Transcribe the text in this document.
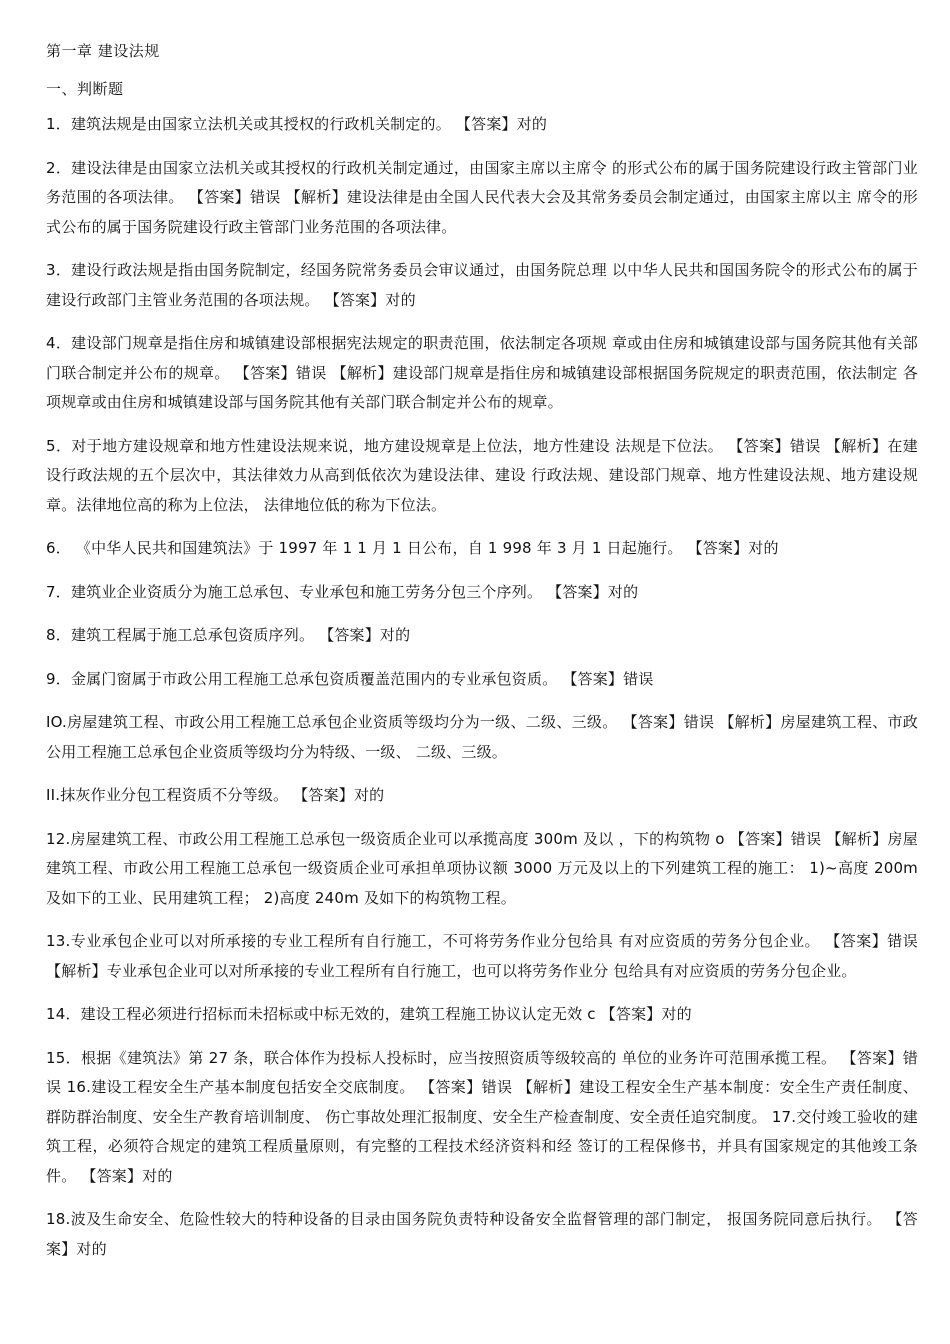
第一章 建设法规
一、判断题

1．建筑法规是由国家立法机关或其授权的行政机关制定的。 【答案】对的

2．建设法律是由国家立法机关或其授权的行政机关制定通过，由国家主席以主席令 的形式公布的属于国务院建设行政主管部门业务范围的各项法律。 【答案】错误 【解析】建设法律是由全国人民代表大会及其常务委员会制定通过，由国家主席以主 席令的形式公布的属于国务院建设行政主管部门业务范围的各项法律。

3．建设行政法规是指由国务院制定，经国务院常务委员会审议通过，由国务院总理 以中华人民共和国国务院令的形式公布的属于建设行政部门主管业务范围的各项法规。 【答案】对的

4．建设部门规章是指住房和城镇建设部根据宪法规定的职责范围，依法制定各项规 章或由住房和城镇建设部与国务院其他有关部门联合制定并公布的规章。 【答案】错误 【解析】建设部门规章是指住房和城镇建设部根据国务院规定的职责范围，依法制定 各项规章或由住房和城镇建设部与国务院其他有关部门联合制定并公布的规章。

5．对于地方建设规章和地方性建设法规来说，地方建设规章是上位法，地方性建设 法规是下位法。 【答案】错误 【解析】在建设行政法规的五个层次中，其法律效力从高到低依次为建设法律、建设 行政法规、建设部门规章、地方性建设法规、地方建设规章。法律地位高的称为上位法， 法律地位低的称为下位法。

6． 《中华人民共和国建筑法》于 1997 年 1 1 月 1 日公布，自 1 998 年 3 月 1 日起施行。 【答案】对的

7．建筑业企业资质分为施工总承包、专业承包和施工劳务分包三个序列。 【答案】对的

8．建筑工程属于施工总承包资质序列。 【答案】对的

9．金属门窗属于市政公用工程施工总承包资质覆盖范围内的专业承包资质。 【答案】错误

IO.房屋建筑工程、市政公用工程施工总承包企业资质等级均分为一级、二级、三级。 【答案】错误 【解析】房屋建筑工程、市政公用工程施工总承包企业资质等级均分为特级、一级、 二级、三级。

II.抹灰作业分包工程资质不分等级。 【答案】对的

12.房屋建筑工程、市政公用工程施工总承包一级资质企业可以承揽高度 300m 及以 ，下的构筑物 o 【答案】错误 【解析】房屋建筑工程、市政公用工程施工总承包一级资质企业可承担单项协议额 3000 万元及以上的下列建筑工程的施工： 1)~高度 200m 及如下的工业、民用建筑工程； 2)高度 240m 及如下的构筑物工程。

13.专业承包企业可以对所承接的专业工程所有自行施工，不可将劳务作业分包给具 有对应资质的劳务分包企业。 【答案】错误 【解析】专业承包企业可以对所承接的专业工程所有自行施工，也可以将劳务作业分 包给具有对应资质的劳务分包企业。

14．建设工程必须进行招标而未招标或中标无效的，建筑工程施工协议认定无效 c 【答案】对的

15．根据《建筑法》第 27 条，联合体作为投标人投标时，应当按照资质等级较高的 单位的业务许可范围承揽工程。 【答案】错误 16.建设工程安全生产基本制度包括安全交底制度。 【答案】错误 【解析】建设工程安全生产基本制度：安全生产责任制度、群防群治制度、安全生产教育培训制度、 伤亡事故处理汇报制度、安全生产检查制度、安全责任追究制度。 17.交付竣工验收的建筑工程，必须符合规定的建筑工程质量原则，有完整的工程技术经济资料和经 签订的工程保修书，并具有国家规定的其他竣工条件。 【答案】对的

18.波及生命安全、危险性较大的特种设备的目录由国务院负责特种设备安全监督管理的部门制定， 报国务院同意后执行。 【答案】对的
